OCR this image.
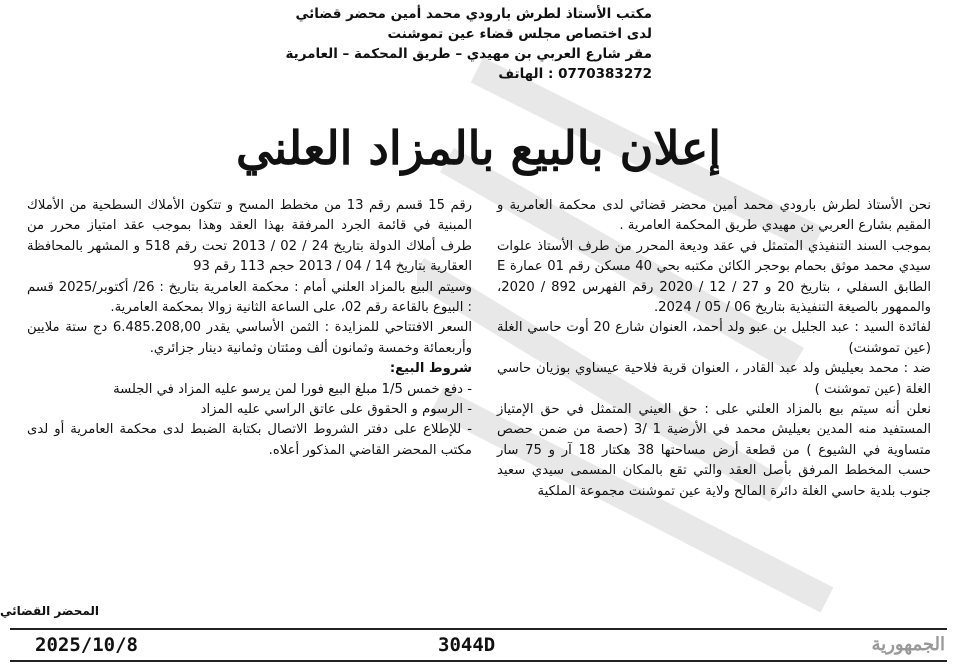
مكتب الأستاذ لطرش بارودي محمد أمين محضر قضائي
لدى اختصاص مجلس قضاء عين تموشنت
مقر شارع العربي بن مهيدي – طريق المحكمة – العامرية
الهاتف : 0770383272
إعلان بالبيع بالمزاد العلني

نحن الأستاذ لطرش بارودي محمد أمين محضر قضائي لدى محكمة العامرية و المقيم بشارع العربي بن مهيدي طريق المحكمة العامرية .

بموجب السند التنفيذي المتمثل في عقد وديعة المحرر من طرف الأستاذ علوات سيدي محمد موثق بحمام بوحجر الكائن مكتبه بحي 40 مسكن رقم 01 عمارة E الطابق السفلي ، بتاريخ 20 و 27 / 12 / 2020 رقم الفهرس 892 / 2020، والممهور بالصيغة التنفيذية بتاريخ 06 / 05 / 2024.

لفائدة السيد : عبد الجليل بن عبو ولد أحمد، العنوان شارع 20 أوت حاسي الغلة (عين تموشنت)

ضد : محمد بعيليش ولد عبد القادر ، العنوان قرية فلاحية عيساوي بوزيان حاسي الغلة (عين تموشنت )

نعلن أنه سيتم بيع بالمزاد العلني على : حق العيني المتمثل في حق الإمتياز المستفيد منه المدين بعيليش محمد في الأرضية 1 /3 (حصة من ضمن حصص متساوية في الشيوع ) من قطعة أرض مساحتها 38 هكتار 18 آر و 75 سار حسب المخطط المرفق بأصل العقد والتي تقع بالمكان المسمى سيدي سعيد جنوب بلدية حاسي الغلة دائرة المالح ولاية عين تموشنت مجموعة الملكية

رقم 15 قسم رقم 13 من مخطط المسح و تتكون الأملاك السطحية من الأملاك المبنية في قائمة الجرد المرفقة بهذا العقد وهذا بموجب عقد امتياز محرر من طرف أملاك الدولة بتاريخ 24 / 02 / 2013 تحت رقم 518 و المشهر بالمحافظة العقارية بتاريخ 14 / 04 / 2013 حجم 113 رقم 93

وسيتم البيع بالمزاد العلني أمام : محكمة العامرية بتاريخ : 26/ أكتوبر/2025 قسم : البيوع بالقاعة رقم 02، على الساعة الثانية زوالا بمحكمة العامرية.

السعر الافتتاحي للمزايدة : الثمن الأساسي يقدر 6.485.208,00 دج ستة ملايين وأربعمائة وخمسة وثمانون ألف ومئتان وثمانية دينار جزائري.

شروط البيع:

- دفع خمس 1/5 مبلغ البيع فورا لمن يرسو عليه المزاد في الجلسة

- الرسوم و الحقوق على عاتق الراسي عليه المزاد

- للإطلاع على دفتر الشروط الاتصال بكتابة الضبط لدى محكمة العامرية أو لدى مكتب المحضر القاضي المذكور أعلاه.

المحضر القضائي
2025/10/8	3044D	الجمهورية
